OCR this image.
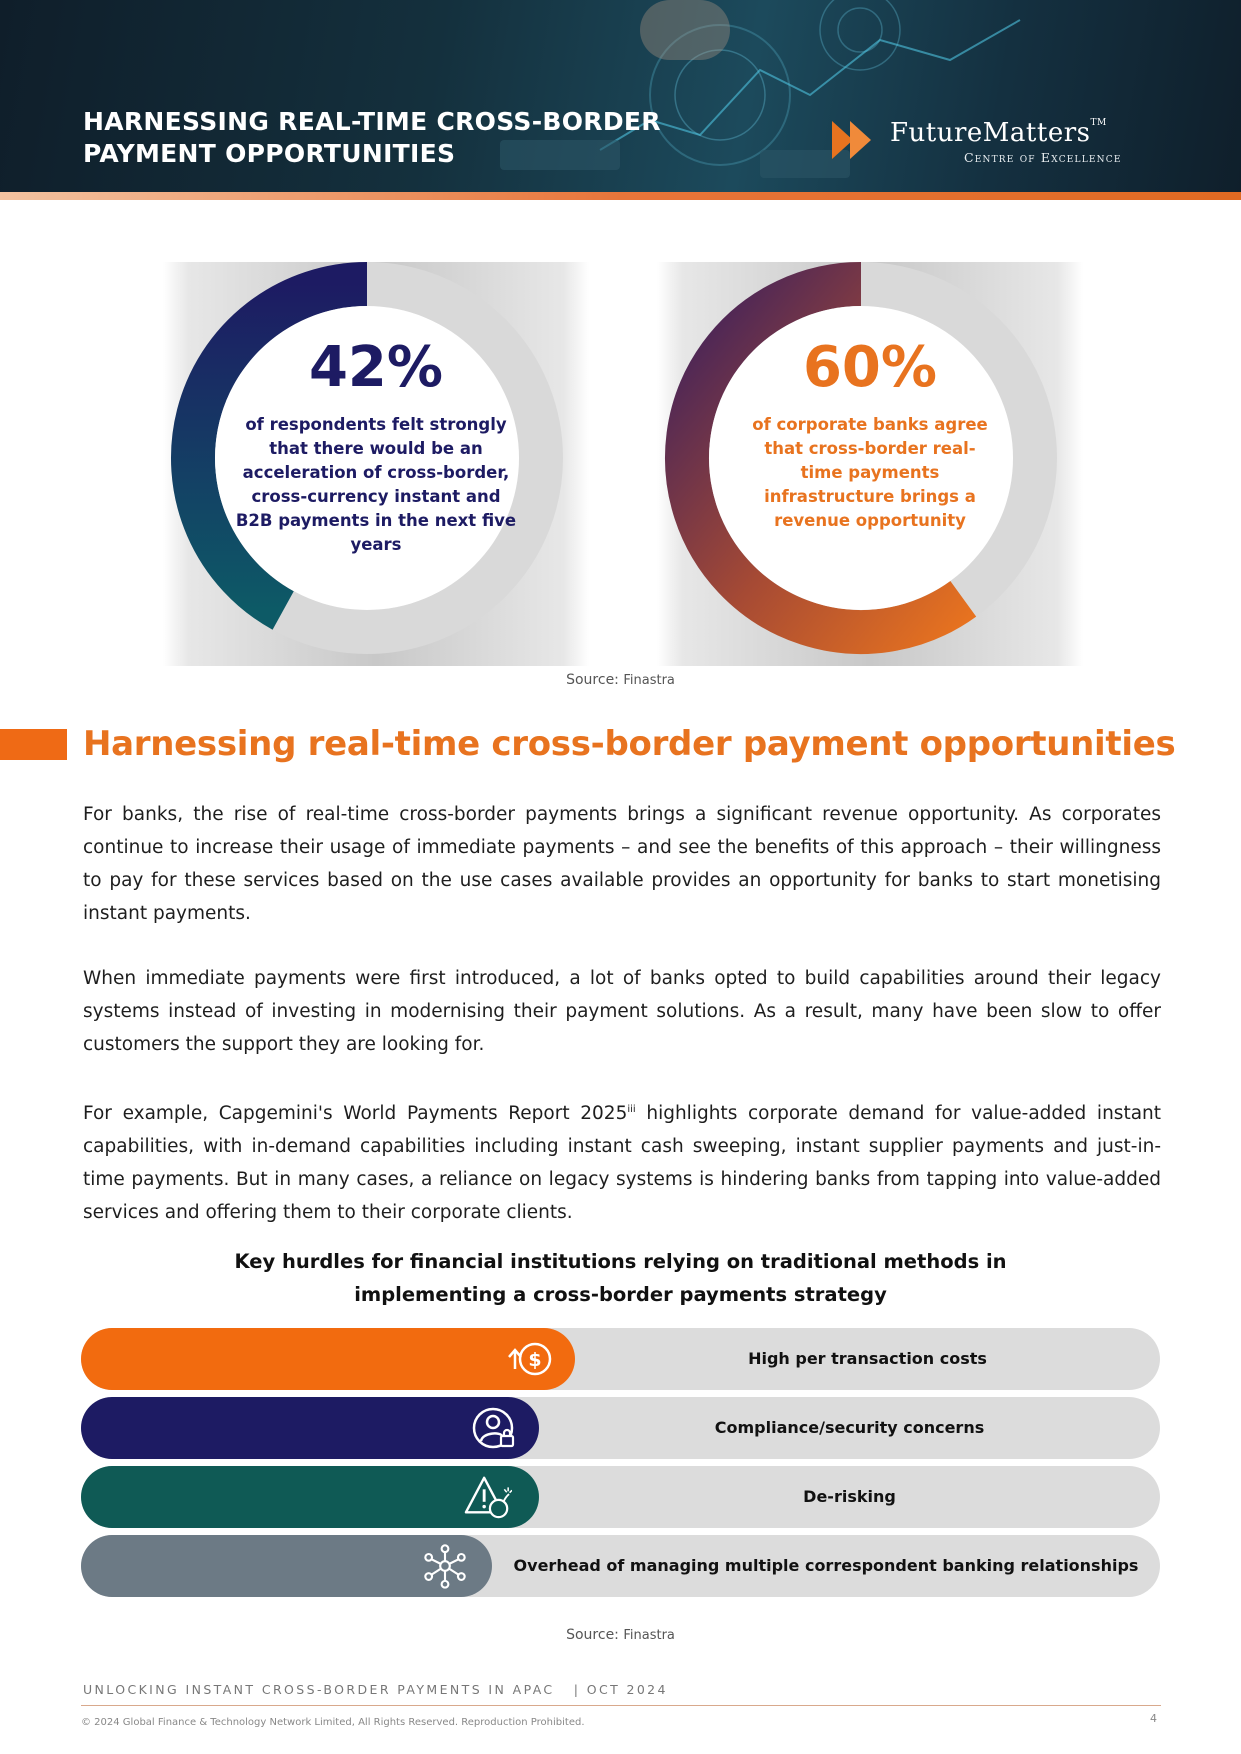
HARNESSING REAL-TIME CROSS-BORDER
PAYMENT OPPORTUNITIES
FutureMatters™
Centre of Excellence
42%
of respondents felt strongly that there would be an acceleration of cross-border, cross-currency instant and B2B payments in the next five years
60%
of corporate banks agree that cross-border real-time payments infrastructure brings a revenue opportunity
Source: Finastra
Harnessing real-time cross-border payment opportunities
For banks, the rise of real-time cross-border payments brings a significant revenue opportunity. As corporates continue to increase their usage of immediate payments – and see the benefits of this approach – their willingness to pay for these services based on the use cases available provides an opportunity for banks to start monetising instant payments.
When immediate payments were first introduced, a lot of banks opted to build capabilities around their legacy systems instead of investing in modernising their payment solutions. As a result, many have been slow to offer customers the support they are looking for.
For example, Capgemini's World Payments Report 2025$^{iii}$ highlights corporate demand for value-added instant capabilities, with in-demand capabilities including instant cash sweeping, instant supplier payments and just-in-time payments. But in many cases, a reliance on legacy systems is hindering banks from tapping into value-added services and offering them to their corporate clients.
Key hurdles for financial institutions relying on traditional methods in
implementing a cross-border payments strategy
$	High per transaction costs
Compliance/security concerns
De-risking
Overhead of managing multiple correspondent banking relationships
Source: Finastra
UNLOCKING INSTANT CROSS-BORDER PAYMENTS IN APAC | OCT 2024
© 2024 Global Finance & Technology Network Limited, All Rights Reserved. Reproduction Prohibited.	4
